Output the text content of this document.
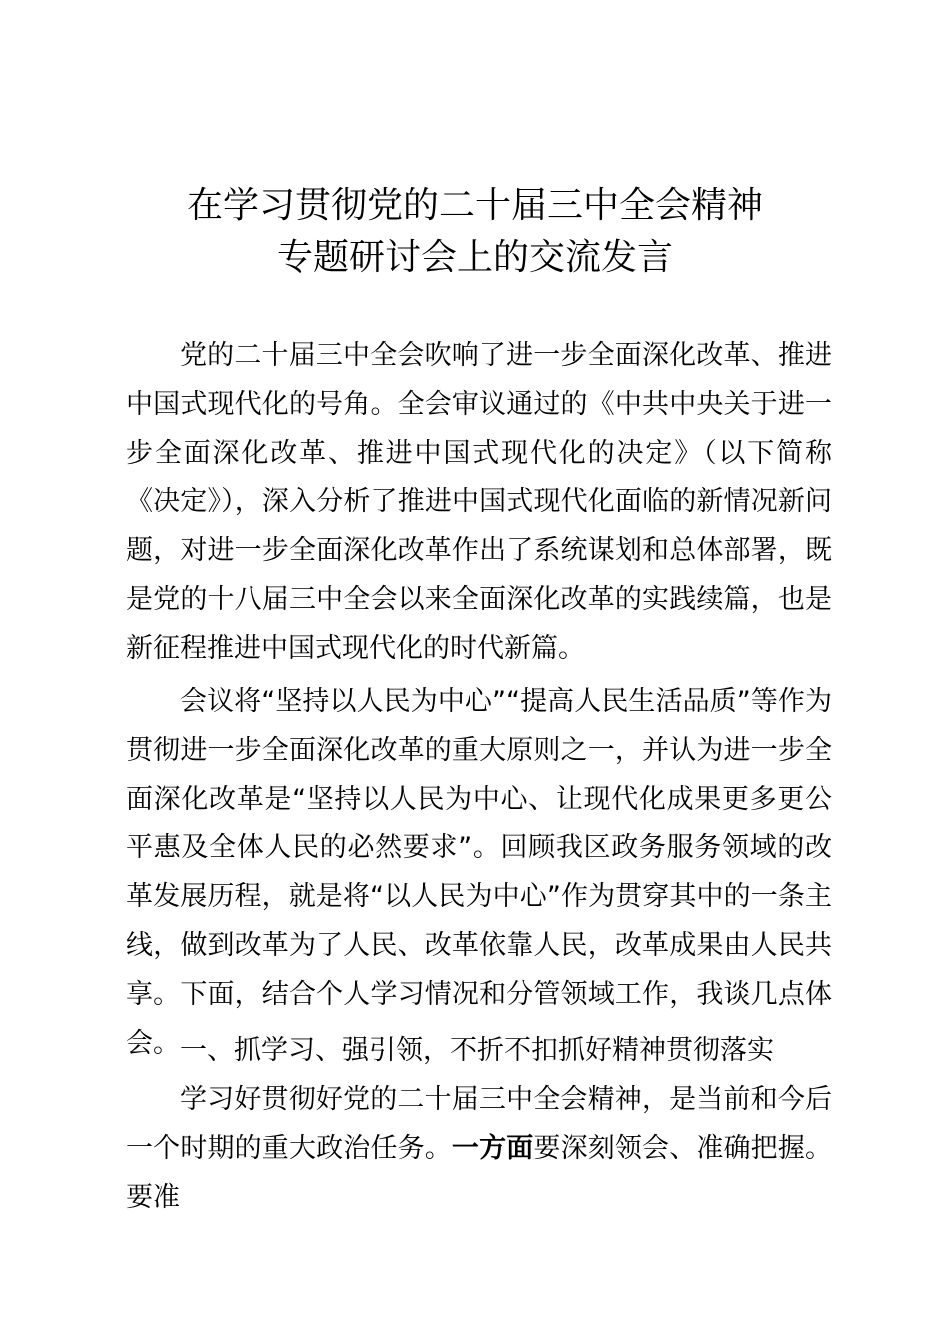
在学习贯彻党的二十届三中全会精神
专题研讨会上的交流发言

党的二十届三中全会吹响了进一步全面深化改革、推进中国式现代化的号角。全会审议通过的《中共中央关于进一步全面深化改革、推进中国式现代化的决定》（以下简称《决定》），深入分析了推进中国式现代化面临的新情况新问题，对进一步全面深化改革作出了系统谋划和总体部署，既是党的十八届三中全会以来全面深化改革的实践续篇，也是新征程推进中国式现代化的时代新篇。

会议将“坚持以人民为中心”“提高人民生活品质”等作为贯彻进一步全面深化改革的重大原则之一，并认为进一步全面深化改革是“坚持以人民为中心、让现代化成果更多更公平惠及全体人民的必然要求”。回顾我区政务服务领域的改革发展历程，就是将“以人民为中心”作为贯穿其中的一条主线，做到改革为了人民、改革依靠人民，改革成果由人民共享。下面，结合个人学习情况和分管领域工作，我谈几点体会。 一、抓学习、强引领，不折不扣抓好精神贯彻落实

学习好贯彻好党的二十届三中全会精神，是当前和今后一个时期的重大政治任务。一方面要深刻领会、准确把握。要准
